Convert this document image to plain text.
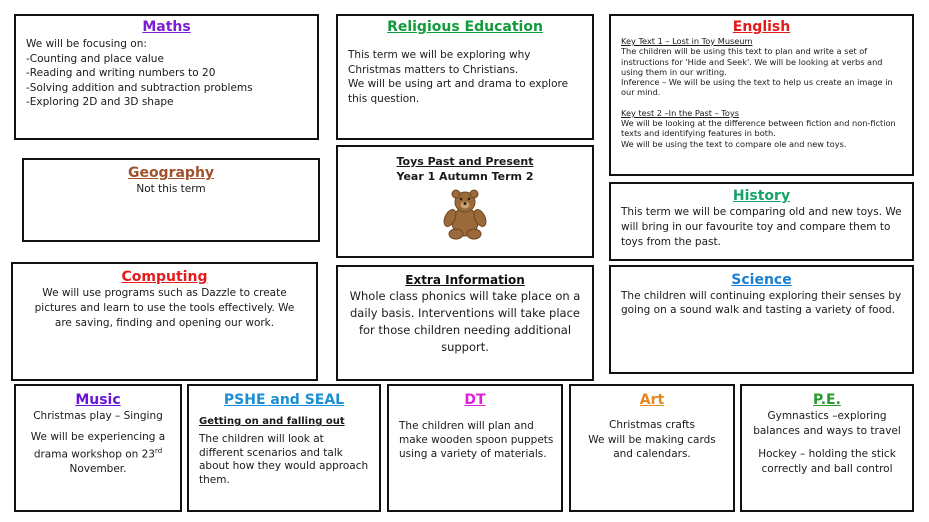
Maths
We will be focusing on:
-Counting and place value
-Reading and writing numbers to 20
-Solving addition and subtraction problems
-Exploring 2D and 3D shape
Religious Education
This term we will be exploring why Christmas matters to Christians.
We will be using art and drama to explore this question.
English
Key Text 1 – Lost in Toy Museum
The children will be using this text to plan and write a set of instructions for 'Hide and Seek'. We will be looking at verbs and using them in our writing.
Inference – We will be using the text to help us create an image in our mind.
Key test 2 –In the Past – Toys
We will be looking at the difference between fiction and non-fiction texts and identifying features in both.
We will be using the text to compare ole and new toys.
Geography
Not this term
Toys Past and Present
Year 1 Autumn Term 2
History
This term we will be comparing old and new toys. We will bring in our favourite toy and compare them to toys from the past.
Computing
We will use programs such as Dazzle to create pictures and learn to use the tools effectively. We are saving, finding and opening our work.
Extra Information
Whole class phonics will take place on a daily basis. Interventions will take place for those children needing additional support.
Science
The children will continuing exploring their senses by going on a sound walk and tasting a variety of food.
Music
Christmas play – Singing
We will be experiencing a drama workshop on 23rd
November.
PSHE and SEAL
Getting on and falling out
The children will look at different scenarios and talk about how they would approach them.
DT
The children will plan and make wooden spoon puppets using a variety of materials.
Art
Christmas crafts
We will be making cards and calendars.
P.E.
Gymnastics –exploring balances and ways to travel
Hockey – holding the stick correctly and ball control
